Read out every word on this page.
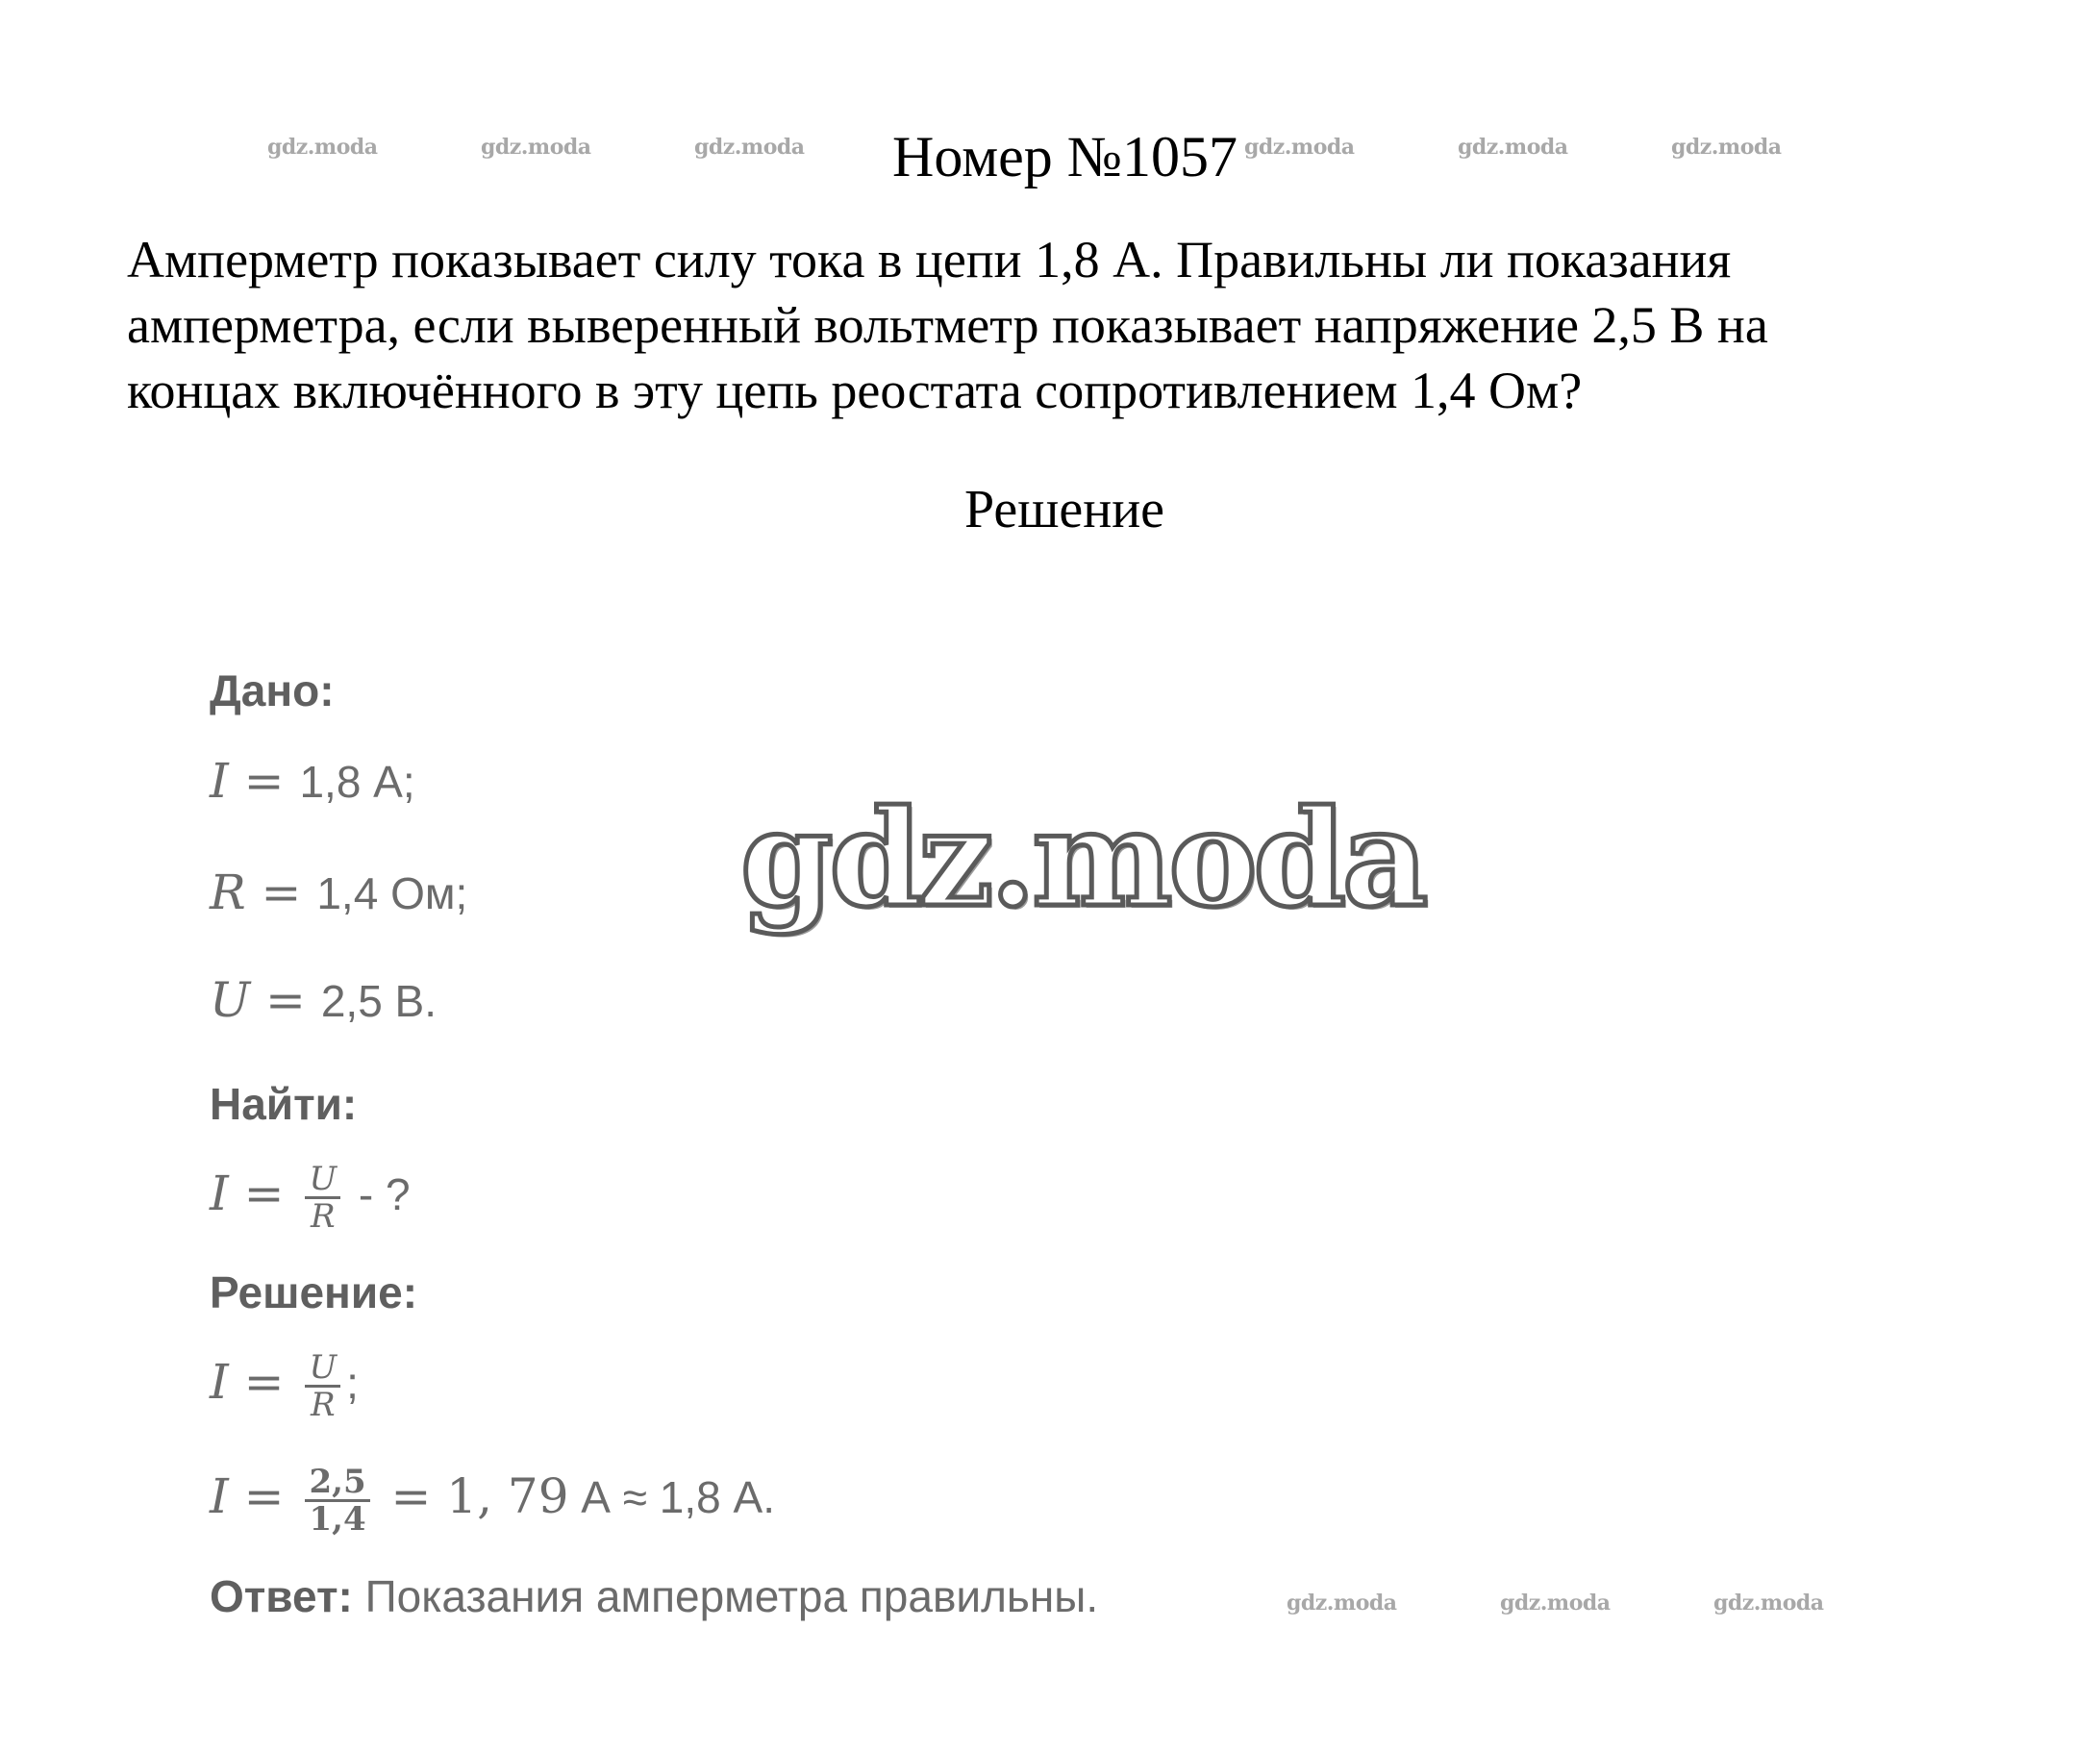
gdz.moda	gdz.moda	gdz.moda	gdz.moda	gdz.moda	gdz.moda
Номер №1057
Амперметр показывает силу тока в цепи 1,8 А. Правильны ли показания
амперметра, если выверенный вольтметр показывает напряжение 2,5 В на
концах включённого в эту цепь реостата сопротивлением 1,4 Ом?
Решение
gdz.moda
Дано:
I = 1,8 А;
R = 1,4 Ом;
U = 2,5 В.
Найти:
$I = \frac{U}{R}$ - ?
Решение:
$I = \frac{U}{R}$ ;
$I = \frac{2,5}{1,4} = 1$, 79 А ≈ 1,8 А.
Ответ: Показания амперметра правильны.	gdz.moda	gdz.moda	gdz.moda
